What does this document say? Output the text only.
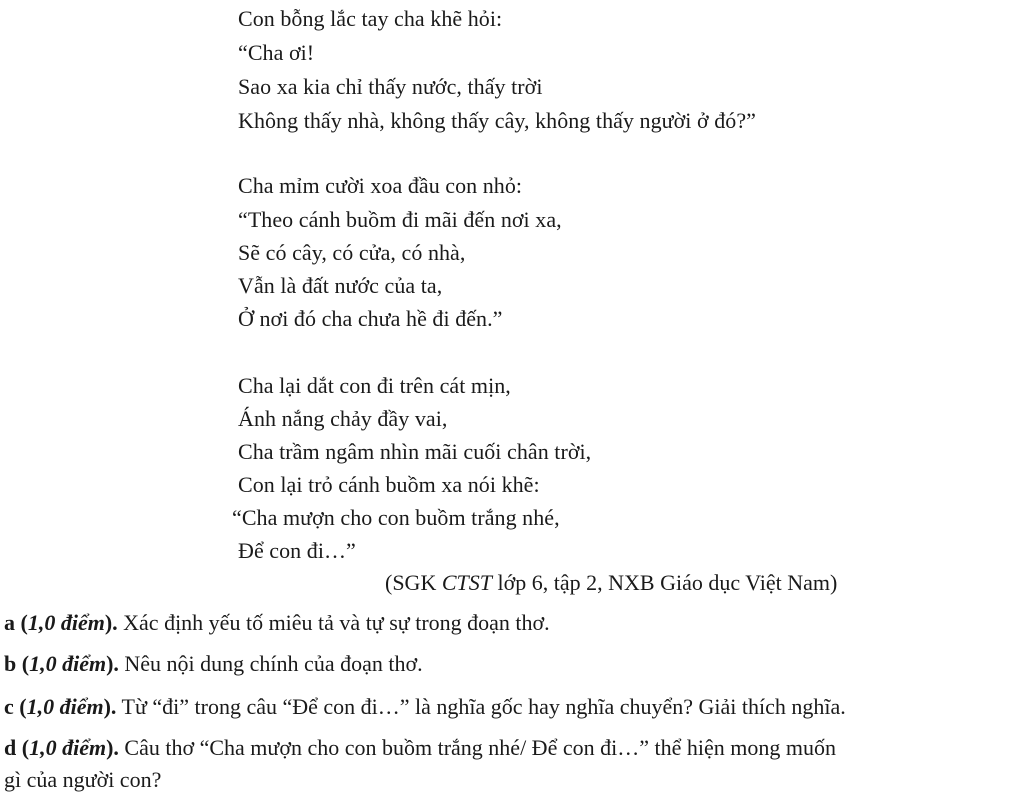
Con bỗng lắc tay cha khẽ hỏi:
“Cha ơi!
Sao xa kia chỉ thấy nước, thấy trời
Không thấy nhà, không thấy cây, không thấy người ở đó?”
Cha mỉm cười xoa đầu con nhỏ:
“Theo cánh buồm đi mãi đến nơi xa,
Sẽ có cây, có cửa, có nhà,
Vẫn là đất nước của ta,
Ở nơi đó cha chưa hề đi đến.”
Cha lại dắt con đi trên cát mịn,
Ánh nắng chảy đầy vai,
Cha trầm ngâm nhìn mãi cuối chân trời,
Con lại trỏ cánh buồm xa nói khẽ:
“Cha mượn cho con buồm trắng nhé,
Để con đi…”
(SGK CTST lớp 6, tập 2, NXB Giáo dục Việt Nam)
a (1,0 điểm). Xác định yếu tố miêu tả và tự sự trong đoạn thơ.
b (1,0 điểm). Nêu nội dung chính của đoạn thơ.
c (1,0 điểm). Từ “đi” trong câu “Để con đi…” là nghĩa gốc hay nghĩa chuyển? Giải thích nghĩa.
d (1,0 điểm). Câu thơ “Cha mượn cho con buồm trắng nhé/ Để con đi…” thể hiện mong muốn
gì của người con?
